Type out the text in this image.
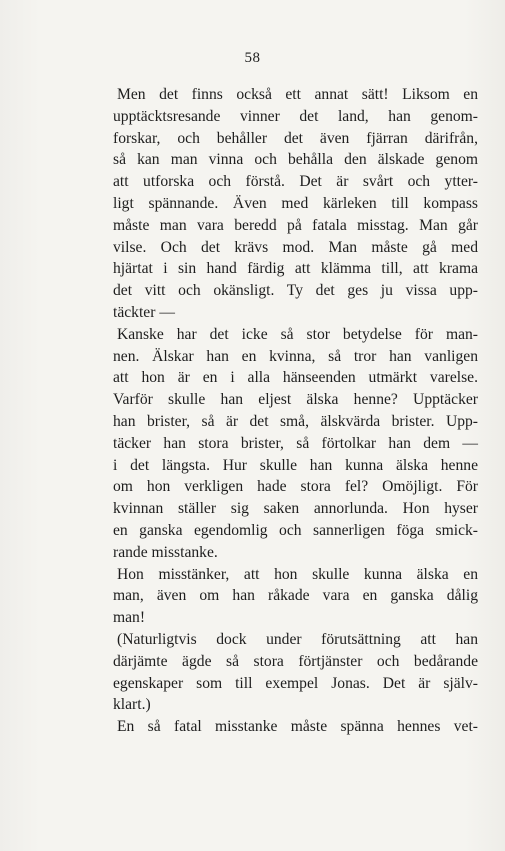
58
Men det finns också ett annat sätt! Liksom en
upptäcktsresande vinner det land, han genom-
forskar, och behåller det även fjärran därifrån,
så kan man vinna och behålla den älskade genom
att utforska och förstå. Det är svårt och ytter-
ligt spännande. Även med kärleken till kompass
måste man vara beredd på fatala misstag. Man går
vilse. Och det krävs mod. Man måste gå med
hjärtat i sin hand färdig att klämma till, att krama
det vitt och okänsligt. Ty det ges ju vissa upp-
täckter —
Kanske har det icke så stor betydelse för man-
nen. Älskar han en kvinna, så tror han vanligen
att hon är en i alla hänseenden utmärkt varelse.
Varför skulle han eljest älska henne? Upptäcker
han brister, så är det små, älskvärda brister. Upp-
täcker han stora brister, så förtolkar han dem —
i det längsta. Hur skulle han kunna älska henne
om hon verkligen hade stora fel? Omöjligt. För
kvinnan ställer sig saken annorlunda. Hon hyser
en ganska egendomlig och sannerligen föga smick-
rande misstanke.
Hon misstänker, att hon skulle kunna älska en
man, även om han råkade vara en ganska dålig
man!
(Naturligtvis dock under förutsättning att han
därjämte ägde så stora förtjänster och bedårande
egenskaper som till exempel Jonas. Det är själv-
klart.)
En så fatal misstanke måste spänna hennes vet-
